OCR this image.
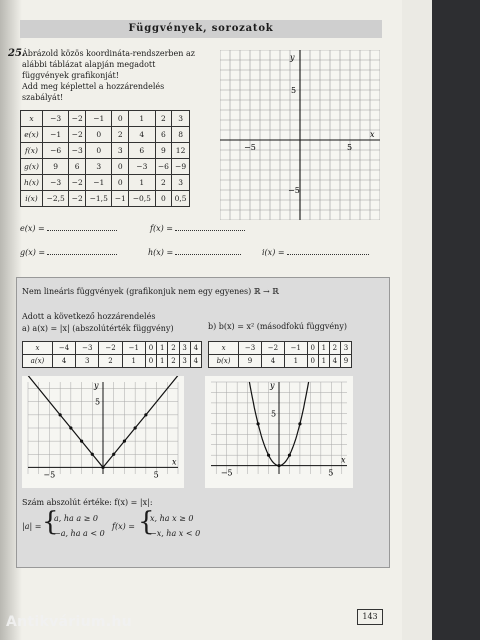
Függvények, sorozatok
25.
Ábrázold közös koordináta-rendszerben az alábbi táblázat alapján megadott függvények grafikonját!
Add meg képlettel a hozzárendelés szabályát!
x	−3	−2	−1	0	1	2	3
e(x)	−1	−2	0	2	4	6	8
f(x)	−6	−3	0	3	6	9	12
g(x)	9	6	3	0	−3	−6	−9
h(x)	−3	−2	−1	0	1	2	3
i(x)	−2,5	−2	−1,5	−1	−0,5	0	0,5
x
y
5
−5
5
−5
e(x) =	f(x) =
g(x) =	h(x) =	i(x) =
Nem lineáris függvények (grafikonjuk nem egy egyenes) ℝ → ℝ
Adott a következő hozzárendelés
a) a(x) = |x| (abszolútérték függvény)	b) b(x) = x² (másodfokú függvény)
x	−4	−3	−2	−1	0	1	2	3	4
a(x)	4	3	2	1	0	1	2	3	4
x	−3	−2	−1	0	1	2	3
b(x)	9	4	1	0	1	4	9
x
y
−5	5
5
x
y
−5	5
5
Szám abszolút értéke: f(x) = |x|:
|a| = {
a, ha a ≥ 0
−a, ha a < 0
f(x) = {
x, ha x ≥ 0
−x, ha x < 0
143
Antikvárium.hu
